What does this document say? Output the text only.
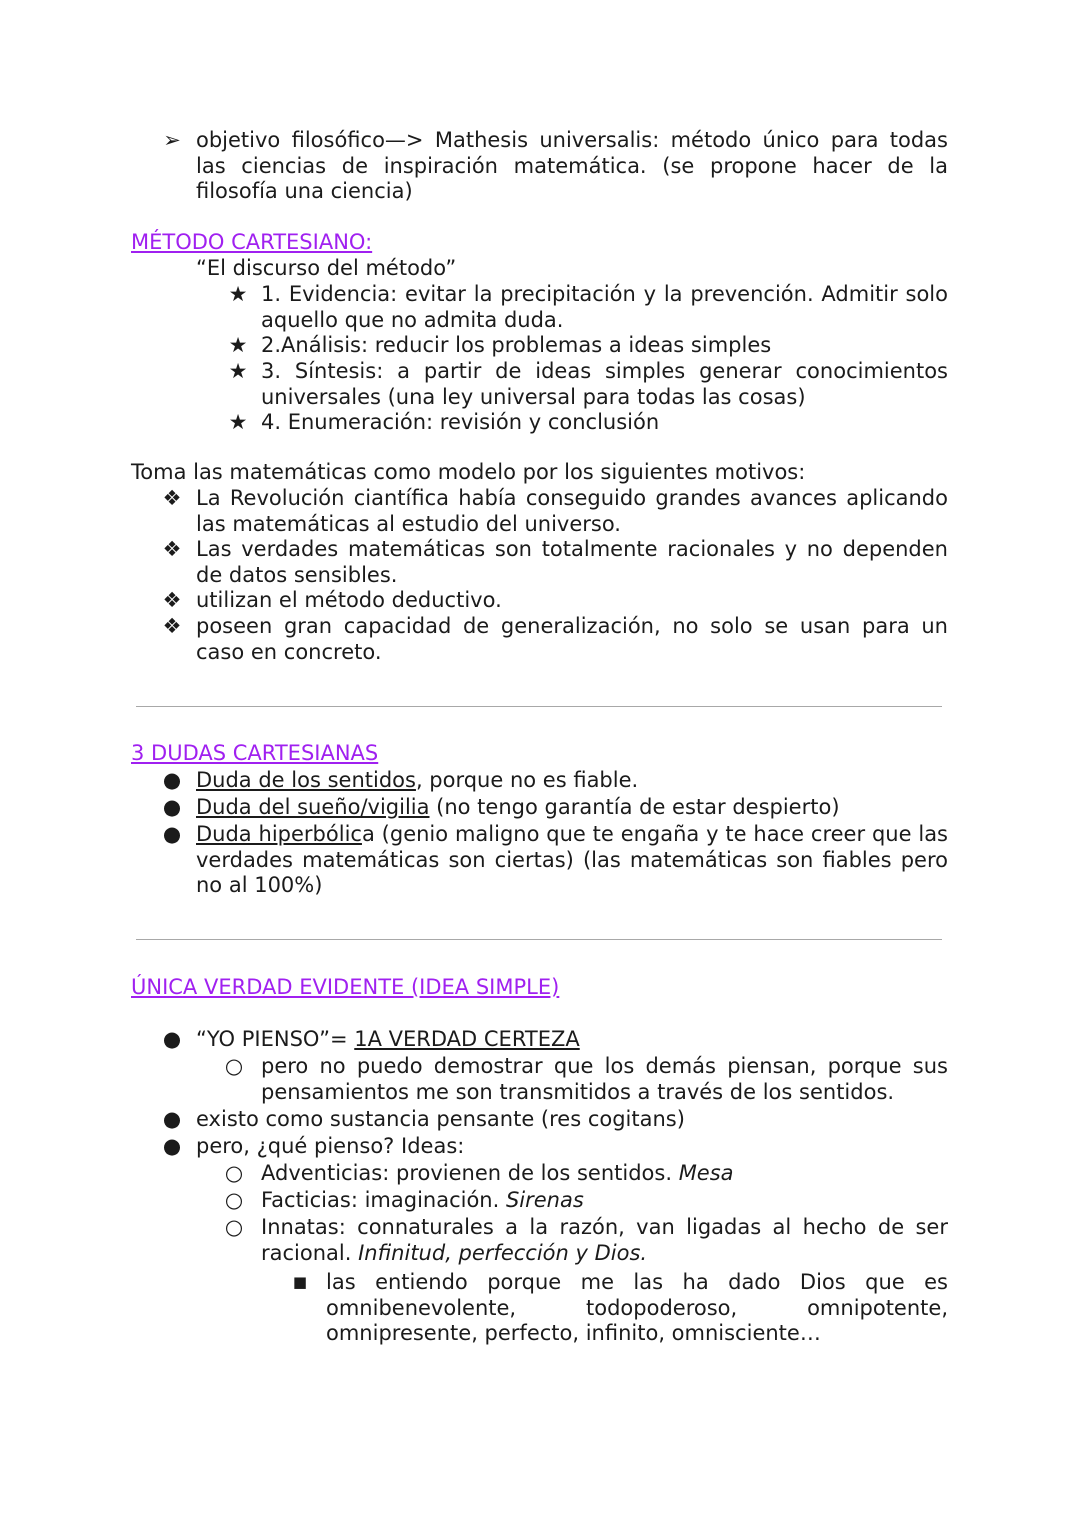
➢ objetivo filosófico—> Mathesis universalis: método único para todas las ciencias de inspiración matemática. (se propone hacer de la filosofía una ciencia)

MÉTODO CARTESIANO:

“El discurso del método”

★ 1. Evidencia: evitar la precipitación y la prevención. Admitir solo aquello que no admita duda.

★ 2.Análisis: reducir los problemas a ideas simples

★ 3. Síntesis: a partir de ideas simples generar conocimientos universales (una ley universal para todas las cosas)

★ 4. Enumeración: revisión y conclusión

Toma las matemáticas como modelo por los siguientes motivos:

❖ La Revolución ciantífica había conseguido grandes avances aplicando las matemáticas al estudio del universo.

❖ Las verdades matemáticas son totalmente racionales y no dependen de datos sensibles.

❖ utilizan el método deductivo.

❖ poseen gran capacidad de generalización, no solo se usan para un caso en concreto.

3 DUDAS CARTESIANAS

● Duda de los sentidos, porque no es fiable.

● Duda del sueño/vigilia (no tengo garantía de estar despierto)

● Duda hiperbólica (genio maligno que te engaña y te hace creer que las verdades matemáticas son ciertas) (las matemáticas son fiables pero no al 100%)

ÚNICA VERDAD EVIDENTE (IDEA SIMPLE)

● “YO PIENSO”= 1A VERDAD CERTEZA

○ pero no puedo demostrar que los demás piensan, porque sus pensamientos me son transmitidos a través de los sentidos.

● existo como sustancia pensante (res cogitans)

● pero, ¿qué pienso? Ideas:

○ Adventicias: provienen de los sentidos. Mesa

○ Facticias: imaginación. Sirenas

○ Innatas: connaturales a la razón, van ligadas al hecho de ser racional. Infinitud, perfección y Dios.

■ las entiendo porque me las ha dado Dios que es omnibenevolente, todopoderoso, omnipotente, omnipresente, perfecto, infinito, omnisciente…
